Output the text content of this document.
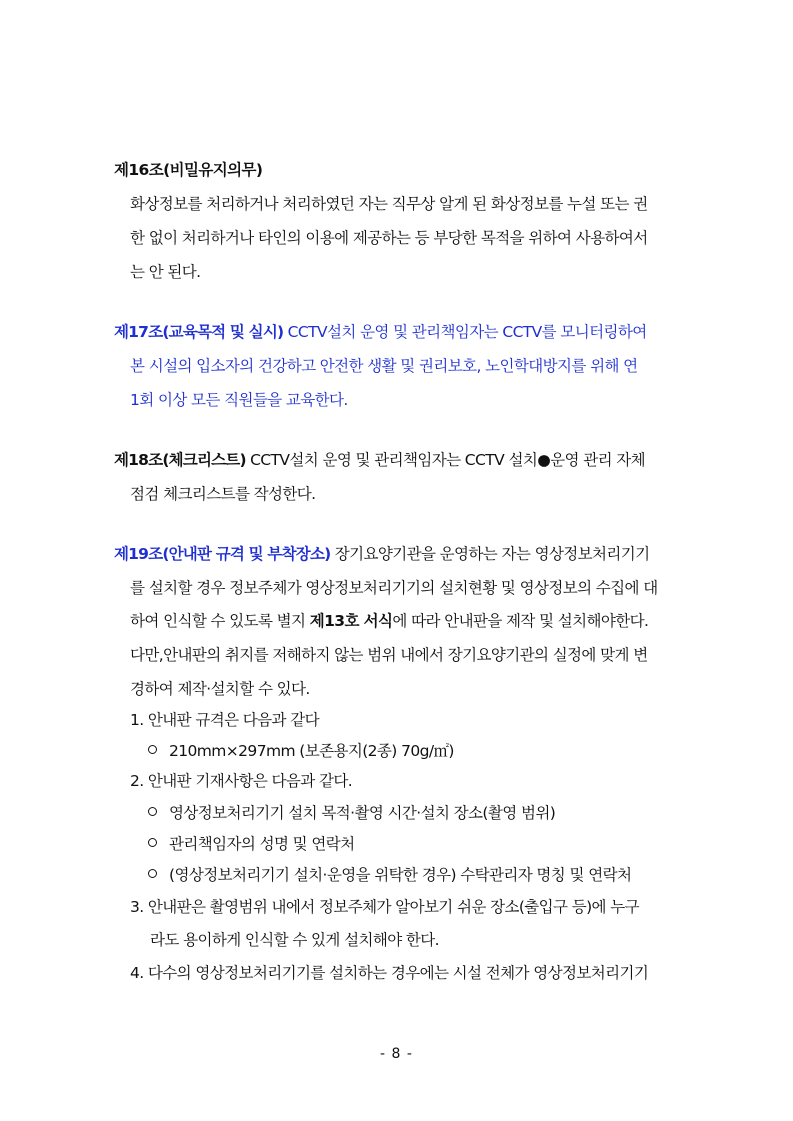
제16조(비밀유지의무)
화상정보를 처리하거나 처리하였던 자는 직무상 알게 된 화상정보를 누설 또는 권
한 없이 처리하거나 타인의 이용에 제공하는 등 부당한 목적을 위하여 사용하여서
는 안 된다.
제17조(교육목적 및 실시) CCTV설치 운영 및 관리책임자는 CCTV를 모니터링하여
본 시설의 입소자의 건강하고 안전한 생활 및 권리보호, 노인학대방지를 위해 연
1회 이상 모든 직원들을 교육한다.
제18조(체크리스트) CCTV설치 운영 및 관리책임자는 CCTV 설치●운영 관리 자체
점검 체크리스트를 작성한다.
제19조(안내판 규격 및 부착장소) 장기요양기관을 운영하는 자는 영상정보처리기기
를 설치할 경우 정보주체가 영상정보처리기기의 설치현황 및 영상정보의 수집에 대
하여 인식할 수 있도록 별지 제13호 서식에 따라 안내판을 제작 및 설치해야한다.
다만,안내판의 취지를 저해하지 않는 범위 내에서 장기요양기관의 실정에 맞게 변
경하여 제작·설치할 수 있다.
1. 안내판 규격은 다음과 같다
210mm×297mm (보존용지(2종) 70g/㎡)
2. 안내판 기재사항은 다음과 같다.
영상정보처리기기 설치 목적·촬영 시간·설치 장소(촬영 범위)
관리책임자의 성명 및 연락처
(영상정보처리기기 설치·운영을 위탁한 경우) 수탁관리자 명칭 및 연락처
3. 안내판은 촬영범위 내에서 정보주체가 알아보기 쉬운 장소(출입구 등)에 누구
라도 용이하게 인식할 수 있게 설치해야 한다.
4. 다수의 영상정보처리기기를 설치하는 경우에는 시설 전체가 영상정보처리기기
- 8 -
